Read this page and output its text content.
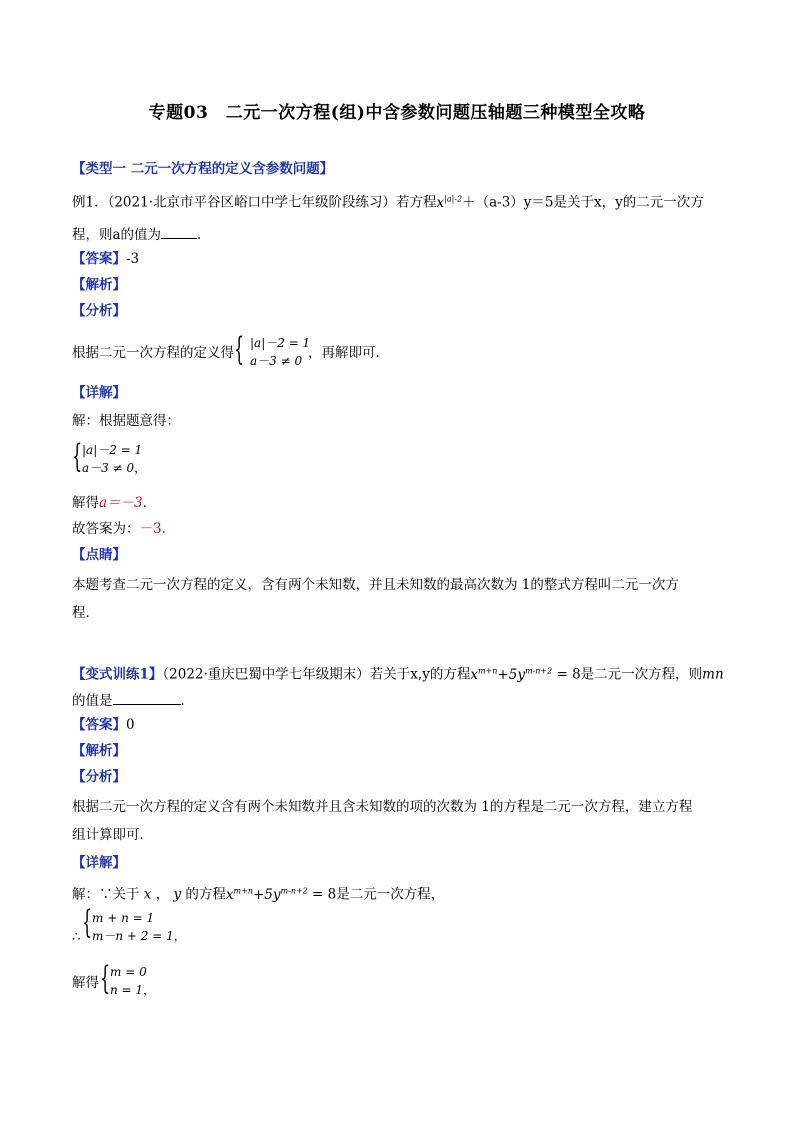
专题03　二元一次方程(组)中含参数问题压轴题三种模型全攻略
【类型一 二元一次方程的定义含参数问题】
例1．（2021·北京市平谷区峪口中学七年级阶段练习）若方程$x^{|a|-2}+(a-3)y=5$是关于x，y的二元一次方
程，则a的值为	．
【答案】-3
【解析】
【分析】
根据二元一次方程的定义得	，再解即可．
{ |a|－2 = 1
a－3 ≠ 0
【详解】
解：根据题意得：
{ |a|－2 = 1
a－3 ≠ 0，
解得a＝－3．
故答案为：－3．
【点睛】
本题考查二元一次方程的定义，含有两个未知数，并且未知数的最高次数为 1的整式方程叫二元一次方
程．
【变式训练1】（2022·重庆巴蜀中学七年级期末）若关于x,y的方程$x^{m+n}+5y^{m-n+2} = 8$是二元一次方程，则mn
的值是	．
【答案】0
【解析】
【分析】
根据二元一次方程的定义含有两个未知数并且含未知数的项的次数为 1的方程是二元一次方程，建立方程
组计算即可．
【详解】
解：∵关于 x ， y 的方程$x^{m+n}+5y^{m-n+2} = 8$是二元一次方程，
∴ { m + n = 1
m－n + 2 = 1，
解得 { m = 0
n = 1，
